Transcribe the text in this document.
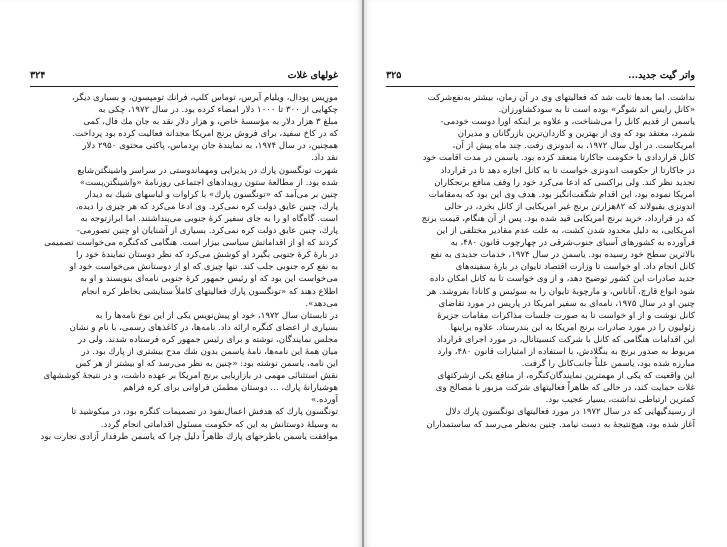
۳۲۴	غولهای غلات

مورِیس پودال، ویلیام آیرس، توماس کلپ، فرانك تومپسون، و بسیاری دیگر،

چکهایی از ۳۰۰ تا ۱۰۰۰ دلار امضاء کرده بود. در سال ۱۹۷۲، چکی به

مبلغ ۳ هزار دلار به مؤسسهٔ خاص، و هزار دلار نقد به جان مك فال، کمی

که در کاخ سفید، برای فروش برنج امریکا مجدانه فعالیت کرده بود پرداخت.

همچنین، در سال ۱۹۷۴، به نمایندهٔ جان برِدماس، پاکتی محتوی ۲۹۵۰ دلار

نقد داد.

شهرت تونگسون پارك در پذیرایی ومهماندوستی در سراسر واشینگتن‌شایع

شده بود. از مطالعهٔ ستون رویدادهای اجتماعی روزنامهٔ «واشینگتن‌پست»

چنین بر می‌آمد که «تونگسون پارك» با کراوات و لباسهای شیك به دیدار

پارك، چنین عایق دولت کره نمی‌کرد. وی ادعا می‌کرد که هر چیزی را دیده،

است. گاه‌گاه او را به جای سفیر کرهٔ جنوبی می‌پنداشتند. اما ابرازتوجه به

پارك، چنین عایق دولت کره نمی‌کرد. بسیاری از آشنایان او چنین تصور‌می-

کردند که او از اقداماتش سیاسی بیزار است. هنگامی که‌کنگره می‌خواست تصمیمی

در بارهٔ کرهٔ جنوبی بگیرد او کوشش می‌کرد که نظر دوستان نمایندهٔ خود را

به نفع کره جنوبی جلب کند. تنها چیزی که او از دوستانش می‌خواست خود او

می‌خواست این بود که او رئیس جمهور کرهٔ جنوبی نامه‌ای بنویسند و او به

اطلاع دهند که «تونگسون پارك فعالیتهای کاملاً ستایشی بخاطر کره انجام

می‌دهد».

در تابستان سال ۱۹۷۲، خود او پیش‌نویس یکی از این نوع نامه‌ها را به

بسیاری از اعضای کنگره ارائه داد. نامه‌ها، در کاغذهای رسمی، با نام و نشان

مجلس نمایندگان، نوشته و برای رئیس جمهور کره فرستاده شدند. ولی در

میان همهٔ این نامه‌ها، نامهٔ یاسمن بدون شك مدح بیشتری از پارك بود. در

این نامه، یاسمن نوشته بود: «چنین به نظر می‌رسد که او بیشتر از هر کس

نقش استثنائی مهمی در بازاریابی برنج امریکا بر عهده داشت، و در نتیجهٔ کوششهای

هوشیارانهٔ پارك، ... دوستان مطمئن فراوانی برای کره فراهم

آورده.»

تونگسون پارك که هدفش اعمال‌نفوذ در تصمیمات کنگره بود، در میکوشید تا

به وسیلهٔ دوستانش به این که حکومت مسئول اقداماتی انجام گردد.

موافقت یاسمن باطرحهای پارك ظاهراً دلیل چرا که یاسمن طرفدار آزادی تجارت بود

۳۲۵	واتر گیت جدید...

نداشت. اما بعدها ثابت شد که فعالیتهای وی در آن زمان، بیشتر به‌نفع‌شرکت

«کانل رایس اند شوگر» بوده است تا به سودکشاورزان.

یاسمن از قدیم کانل را می‌شناخت، و علاوه بر اینکه اورا دوست خودمی-

شمرد، معتقد بود که وی از بهترین و کاردان‌ترین بازرگانان و مدیران

امریکاست. در اول سال ۱۹۷۲، به اندونزی رفت. چند ماه پیش از آن،

کانل قراردادی با حکومت جاکارتا منعقد کرده بود. یاسمن در مدت اقامت خود

در جاکارتا از حکومت اندونزی خواست تا به کانل اجازه دهد تا در قرارداد

تجدید نظر کند. ولی براکسی که ادعا می‌کرد خود را وقف منافع برنجکاران

امریکا نموده بود، این اقدام شگفت‌انگیز بود. هدف وی این بود که به‌مقامات

اندونزی بقبولاند که ۸۲هزارتن برنج غیر امریکایی از کانل بخرد، در حالی

که در قرارداد، خرید برنج امریکایی قید شده بود. پس از آن هنگام، قیمت برنج

امریکایی، به دلیل محدود شدن کشت، به علت عدم مقادیر مختلفی از این

فرآورده به کشورهای آسیای جنوب‌شرقی در چهارچوب قانون ۴۸۰، به

بالاترین سطح خود رسیده بود. یاسمن در سال ۱۹۷۴، خدمات جدیدی به نفع

کانل انجام داد. او خواست تا وزارت اقتصاد تایوان در بارهٔ سفینه‌های

جدید صادرات این کشور توضیح دهد، و از وی خواست تا به کانل امکان داده

شود انواع قارچ، آناناس، و مارچوبهٔ تایوان را به سوئیس و کانادا بفروشد. هر

چنین او در سال ۱۹۷۵، نامه‌ای به سفیر امریکا در پاریس در مورد تقاضای

کانل نوشت و از او خواست تا به صورت جلسات مذاکرات مقامات جزیرهٔ

زئولیون را در مورد صادرات برنج امریکا به این بندرستاد. علاوه براینها

این اقدامات هنگامی که کانل با شرکت کنسیتانال، در مورد اجرای قرارداد

مربوط به صدور برنج به بنگلادش، با استفاده از امتیازات قانون ۴۸۰، وارد

مبارزه شده بود، یاسمن علناً جانب‌کانل را گرفت.

این واقعیت که یکی از مهمترین نمایندگان‌کنگره، از منافع یکی ازشرکتهای

غلات حمایت کند، در حالی که ظاهراً فعالیتهای شرکت مزبور با مصالح وی

کمترین ارتباطی نداشت، بسیار عجیب بود.

از رسیدگیهایی که در سال ۱۹۷۲ در مورد فعالیتهای تونگسون پارك دلال

آغاز شده بود، هیچ‌نتیجهٔ به دست نیامد. چنین به‌نظر می‌رسد که ساستمداران
